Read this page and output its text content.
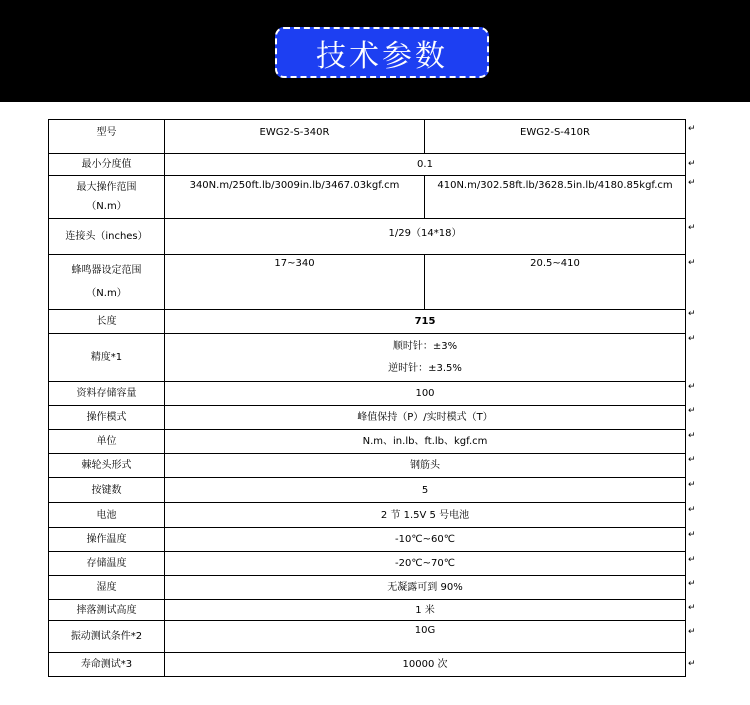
技术参数
型号	EWG2-S-340R	EWG2-S-410R
最小分度值	0.1	

最大操作范围
（N.m）	340N.m/250ft.lb/3009in.lb/3467.03kgf.cm	410N.m/302.58ft.lb/3628.5in.lb/4180.85kgf.cm
连接头（inches）	1/29（14*18）	

蜂鸣器设定范围
（N.m）	17~340	20.5~410
长度	715	
精度*1	顺时针：±3%
逆时针：±3.5%	

资料存储容量	100	
操作模式	峰值保持（P）/实时模式（T）	
单位	N.m、in.lb、ft.lb、kgf.cm	
棘轮头形式	钢筋头	
按键数	5	
电池	2 节 1.5V 5 号电池	
操作温度	-10℃~60℃	
存储温度	-20℃~70℃	
湿度	无凝露可到 90%	
摔落测试高度	1 米	
振动测试条件*2	10G	
寿命测试*3	10000 次	
↵
↵
↵
↵
↵
↵
↵
↵
↵
↵
↵
↵
↵
↵
↵
↵
↵
↵
↵
